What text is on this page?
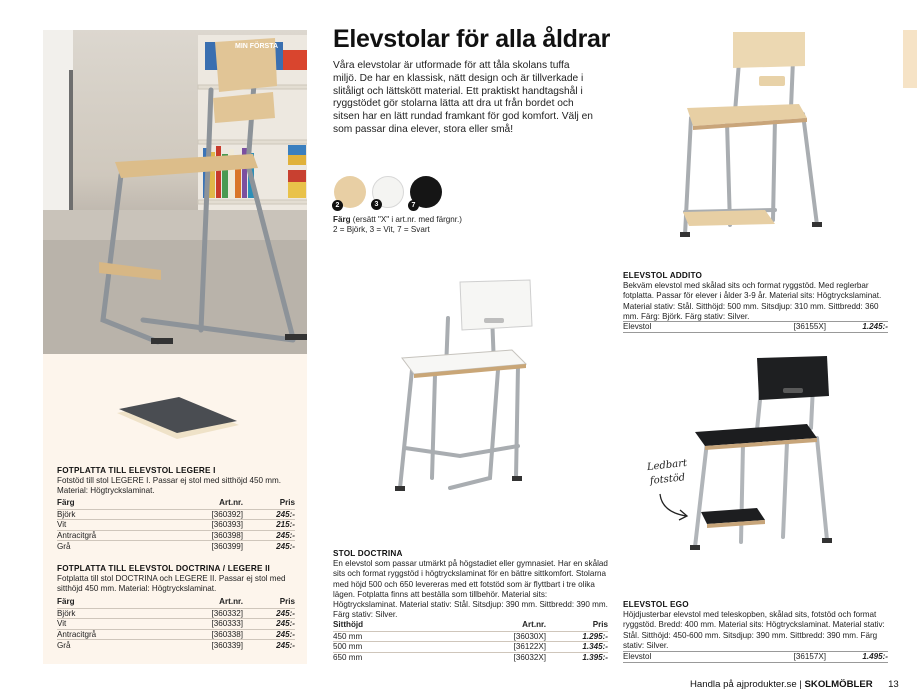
MIN FÖRSTA
FOTPLATTA TILL ELEVSTOL LEGERE I
Fotstöd till stol LEGERE I. Passar ej stol med sitthöjd 450 mm. Material: Högtryckslaminat.
Färg	Art.nr.	Pris
Björk	[360392]	245:-
Vit	[360393]	215:-
Antracitgrå	[360398]	245:-
Grå	[360399]	245:-
FOTPLATTA TILL ELEVSTOL DOCTRINA / LEGERE II
Fotplatta till stol DOCTRINA och LEGERE II. Passar ej stol med sitthöjd 450 mm. Material: Högtryckslaminat.
Färg	Art.nr.	Pris
Björk	[360332]	245:-
Vit	[360333]	245:-
Antracitgrå	[360338]	245:-
Grå	[360339]	245:-
Elevstolar för alla åldrar
Våra elevstolar är utformade för att tåla skolans tuffa miljö. De har en klassisk, nätt design och är tillverkade i slitåligt och lättskött material. Ett praktiskt handtagshål i ryggstödet gör stolarna lätta att dra ut från bordet och sitsen har en lätt rundad framkant för god komfort. Välj en som passar dina elever, stora eller små!
2	3	7
Färg (ersätt "X" i art.nr. med färgnr.)
2 = Björk, 3 = Vit, 7 = Svart
STOL DOCTRINA
En elevstol som passar utmärkt på högstadiet eller gymnasiet. Har en skålad sits och format ryggstöd i högtryckslaminat för en bättre sittkomfort. Stolarna med höjd 500 och 650 levereras med ett fotstöd som är flyttbart i tre olika lägen. Fotplatta finns att beställa som tillbehör. Material sits: Högtryckslaminat. Material stativ: Stål. Sitsdjup: 390 mm. Sittbredd: 390 mm. Färg stativ: Silver.
Sitthöjd	Art.nr.	Pris
450 mm	[36030X]	1.295:-
500 mm	[36122X]	1.345:-
650 mm	[36032X]	1.395:-
ELEVSTOL ADDITO
Bekväm elevstol med skålad sits och format ryggstöd. Med reglerbar fotplatta. Passar för elever i ålder 3-9 år. Material sits: Högtryckslaminat. Material stativ: Stål. Sitthöjd: 500 mm. Sitsdjup: 310 mm. Sittbredd: 360 mm. Färg: Björk. Färg stativ: Silver.
Elevstol	[36155X]	1.245:-
Ledbart
fotstöd
ELEVSTOL EGO
Höjdjusterbar elevstol med teleskopben, skålad sits, fotstöd och format ryggstöd. Bredd: 400 mm. Material sits: Högtryckslaminat. Material stativ: Stål. Sitthöjd: 450-600 mm. Sitsdjup: 390 mm. Sittbredd: 390 mm. Färg stativ: Silver.
Elevstol	[36157X]	1.495:-
Handla på ajprodukter.se | SKOLMÖBLER 13
